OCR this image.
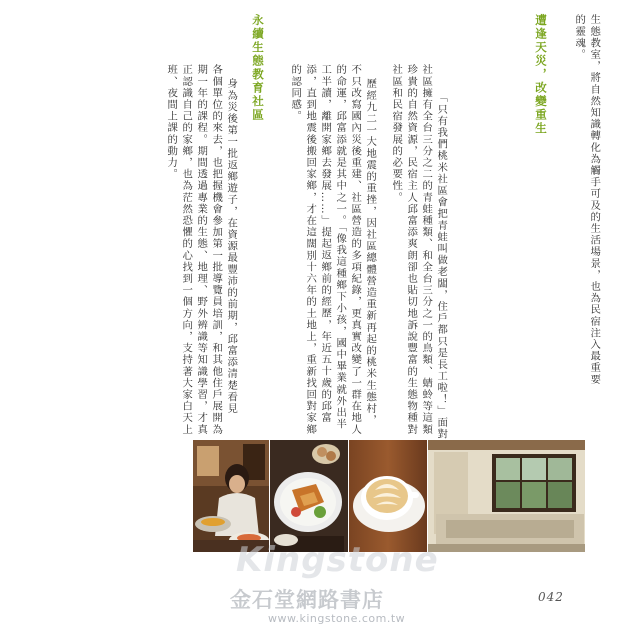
生態教室，將自然知識轉化為觸手可及的生活場景，也為民宿注入最重要
的靈魂。
遭逢天災，改變重生
「只有我們桃米社區會把青蛙叫做老闆，住戶都只是長工啦！」面對
社區擁有全台三分之二的青蛙種類、和全台三分之一的鳥類、蜻蛉等這類
珍貴的自然資源，民宿主人邱富添爽朗卻也貼切地訴說豐富的生態物種對
社區和民宿發展的必要性。
歷經九二一大地震的重挫，因社區總體營造重新再起的桃米生態村，
不只改寫國內災後重建、社區營造的多項紀錄，更真實改變了一群在地人
的命運，邱富添就是其中之一。「像我這種鄉下小孩，國中畢業就外出半
工半讀，離開家鄉去發展……」提起返鄉前的經歷，年近五十歲的邱富
添，直到地震後搬回家鄉，才在這闊別十六年的土地上，重新找回對家鄉
的認同感。
永續生態教育社區
身為災後第一批返鄉遊子，在資源最豐沛的前期，邱富添清楚看見
各個單位的來去，也把握機會參加第一批導覽員培訓，和其他住戶展開為
期一年的課程。期間透過專業的生態、地理、野外辨識等知識學習，才真
正認識自己的家鄉，也為茫然恐懼的心找到一個方向，支持著大家白天上
班、夜間上課的動力。
Kingstone
金石堂網路書店
www.kingstone.com.tw
042
